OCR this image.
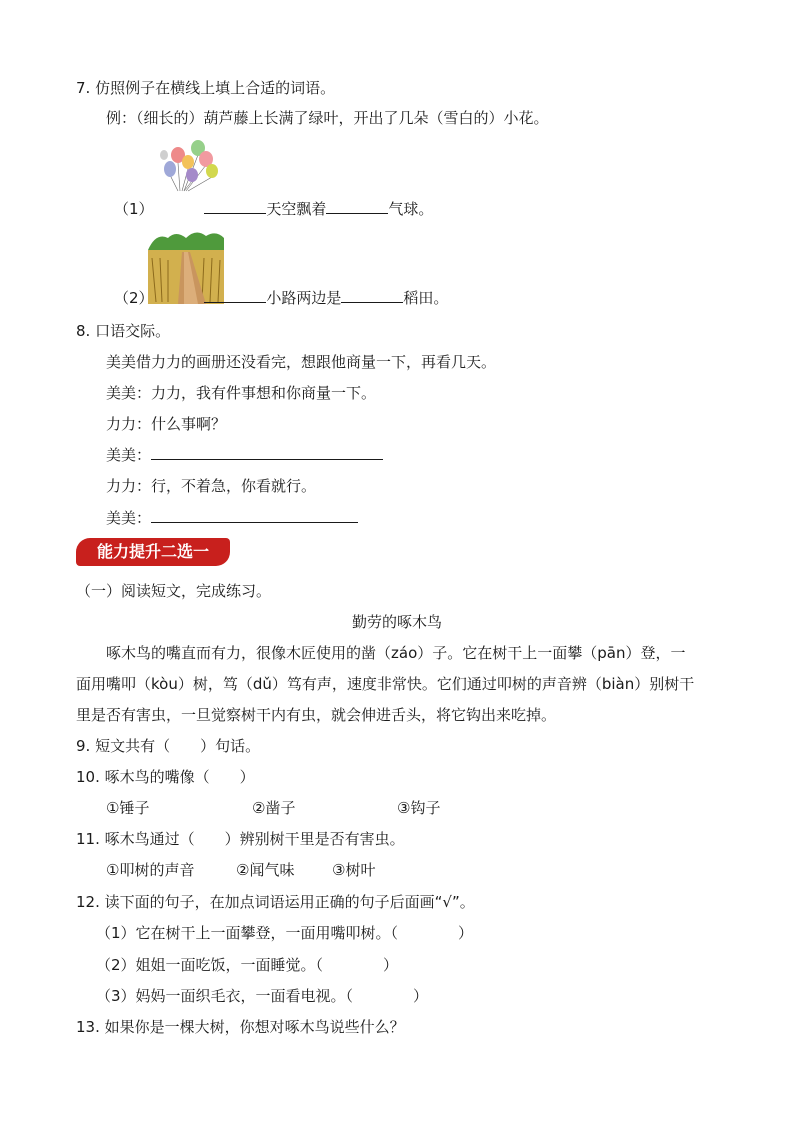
7. 仿照例子在横线上填上合适的词语。
例：（细长的）葫芦藤上长满了绿叶，开出了几朵（雪白的）小花。
（1）	天空飘着	气球。
（2）	小路两边是	稻田。
8. 口语交际。
美美借力力的画册还没看完，想跟他商量一下，再看几天。
美美：力力，我有件事想和你商量一下。
力力：什么事啊？
美美：
力力：行，不着急，你看就行。
美美：
能力提升二选一
（一）阅读短文，完成练习。
勤劳的啄木鸟
啄木鸟的嘴直而有力，很像木匠使用的凿（záo）子。它在树干上一面攀（pān）登，一
面用嘴叩（kòu）树，笃（dǔ）笃有声，速度非常快。它们通过叩树的声音辨（biàn）别树干
里是否有害虫，一旦觉察树干内有虫，就会伸进舌头，将它钩出来吃掉。
9. 短文共有（　　）句话。
10. 啄木鸟的嘴像（　　）
①锤子	②凿子	③钩子
11. 啄木鸟通过（　　）辨别树干里是否有害虫。
①叩树的声音	②闻气味	③树叶
12. 读下面的句子，在加点词语运用正确的句子后面画“√”。
（1）它在树干上一面攀登，一面用嘴叩树。（　　　　）
（2）姐姐一面吃饭，一面睡觉。（　　　　）
（3）妈妈一面织毛衣，一面看电视。（　　　　）
13. 如果你是一棵大树，你想对啄木鸟说些什么？
